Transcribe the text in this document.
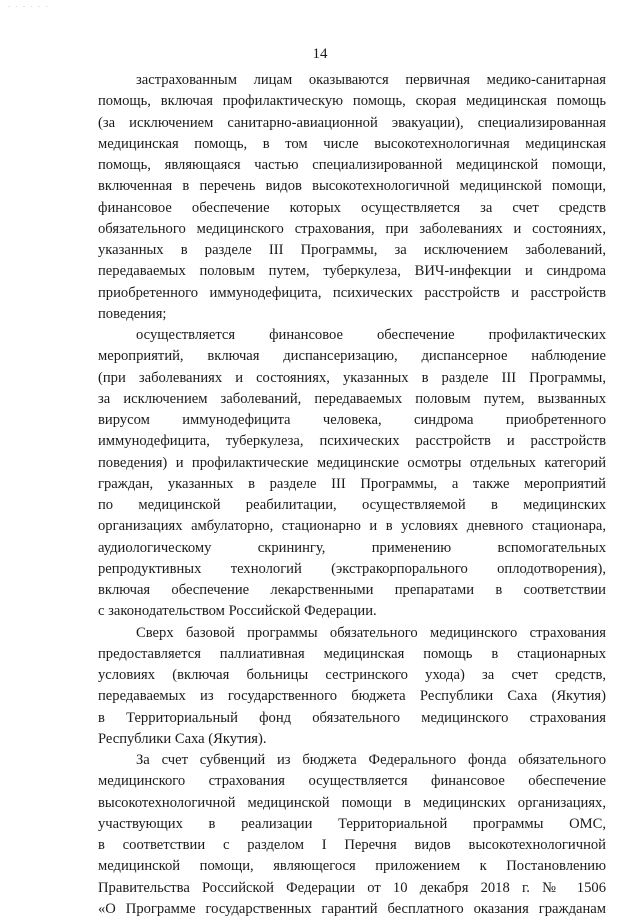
- - - - - -
14
застрахованным лицам оказываются первичная медико-санитарная
помощь, включая профилактическую помощь, скорая медицинская помощь
(за исключением санитарно-авиационной эвакуации), специализированная
медицинская помощь, в том числе высокотехнологичная медицинская
помощь, являющаяся частью специализированной медицинской помощи,
включенная в перечень видов высокотехнологичной медицинской помощи,
финансовое обеспечение которых осуществляется за счет средств
обязательного медицинского страхования, при заболеваниях и состояниях,
указанных в разделе III Программы, за исключением заболеваний,
передаваемых половым путем, туберкулеза, ВИЧ-инфекции и синдрома
приобретенного иммунодефицита, психических расстройств и расстройств
поведения;
осуществляется финансовое обеспечение профилактических
мероприятий, включая диспансеризацию, диспансерное наблюдение
(при заболеваниях и состояниях, указанных в разделе III Программы,
за исключением заболеваний, передаваемых половым путем, вызванных
вирусом иммунодефицита человека, синдрома приобретенного
иммунодефицита, туберкулеза, психических расстройств и расстройств
поведения) и профилактические медицинские осмотры отдельных категорий
граждан, указанных в разделе III Программы, а также мероприятий
по медицинской реабилитации, осуществляемой в медицинских
организациях амбулаторно, стационарно и в условиях дневного стационара,
аудиологическому скринингу, применению вспомогательных
репродуктивных технологий (экстракорпорального оплодотворения),
включая обеспечение лекарственными препаратами в соответствии
с законодательством Российской Федерации.
Сверх базовой программы обязательного медицинского страхования
предоставляется паллиативная медицинская помощь в стационарных
условиях (включая больницы сестринского ухода) за счет средств,
передаваемых из государственного бюджета Республики Саха (Якутия)
в Территориальный фонд обязательного медицинского страхования
Республики Саха (Якутия).
За счет субвенций из бюджета Федерального фонда обязательного
медицинского страхования осуществляется финансовое обеспечение
высокотехнологичной медицинской помощи в медицинских организациях,
участвующих в реализации Территориальной программы ОМС,
в соответствии с разделом I Перечня видов высокотехнологичной
медицинской помощи, являющегося приложением к Постановлению
Правительства Российской Федерации от 10 декабря 2018 г. № 1506
«О Программе государственных гарантий бесплатного оказания гражданам
